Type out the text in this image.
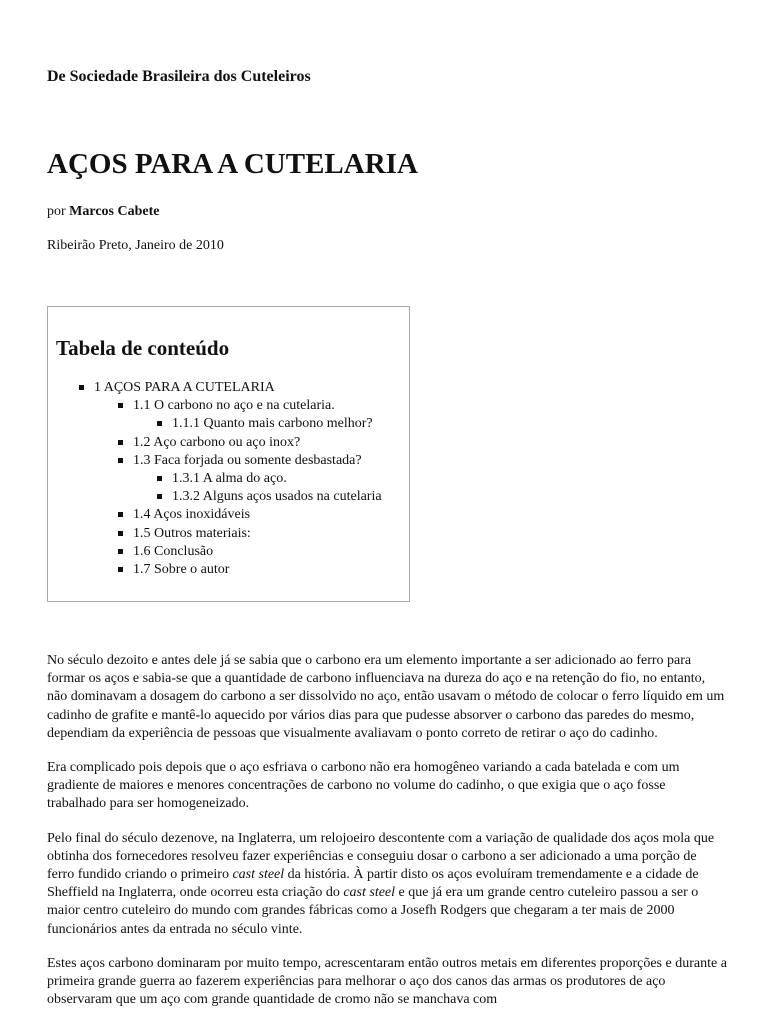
De Sociedade Brasileira dos Cuteleiros
AÇOS PARA A CUTELARIA
por Marcos Cabete
Ribeirão Preto, Janeiro de 2010
Tabela de conteúdo
1 AÇOS PARA A CUTELARIA
1.1 O carbono no aço e na cutelaria.
1.1.1 Quanto mais carbono melhor?
1.2 Aço carbono ou aço inox?
1.3 Faca forjada ou somente desbastada?
1.3.1 A alma do aço.
1.3.2 Alguns aços usados na cutelaria
1.4 Aços inoxidáveis
1.5 Outros materiais:
1.6 Conclusão
1.7 Sobre o autor

No século dezoito e antes dele já se sabia que o carbono era um elemento importante a ser adicionado ao ferro para formar os aços e sabia-se que a quantidade de carbono influenciava na dureza do aço e na retenção do fio, no entanto, não dominavam a dosagem do carbono a ser dissolvido no aço, então usavam o método de colocar o ferro líquido em um cadinho de grafite e mantê-lo aquecido por vários dias para que pudesse absorver o carbono das paredes do mesmo, dependiam da experiência de pessoas que visualmente avaliavam o ponto correto de retirar o aço do cadinho.

Era complicado pois depois que o aço esfriava o carbono não era homogêneo variando a cada batelada e com um gradiente de maiores e menores concentrações de carbono no volume do cadinho, o que exigia que o aço fosse trabalhado para ser homogeneizado.

Pelo final do século dezenove, na Inglaterra, um relojoeiro descontente com a variação de qualidade dos aços mola que obtinha dos fornecedores resolveu fazer experiências e conseguiu dosar o carbono a ser adicionado a uma porção de ferro fundido criando o primeiro cast steel da história. À partir disto os aços evoluíram tremendamente e a cidade de Sheffield na Inglaterra, onde ocorreu esta criação do cast steel e que já era um grande centro cuteleiro passou a ser o maior centro cuteleiro do mundo com grandes fábricas como a Josefh Rodgers que chegaram a ter mais de 2000 funcionários antes da entrada no século vinte.

Estes aços carbono dominaram por muito tempo, acrescentaram então outros metais em diferentes proporções e durante a primeira grande guerra ao fazerem experiências para melhorar o aço dos canos das armas os produtores de aço observaram que um aço com grande quantidade de cromo não se manchava com
